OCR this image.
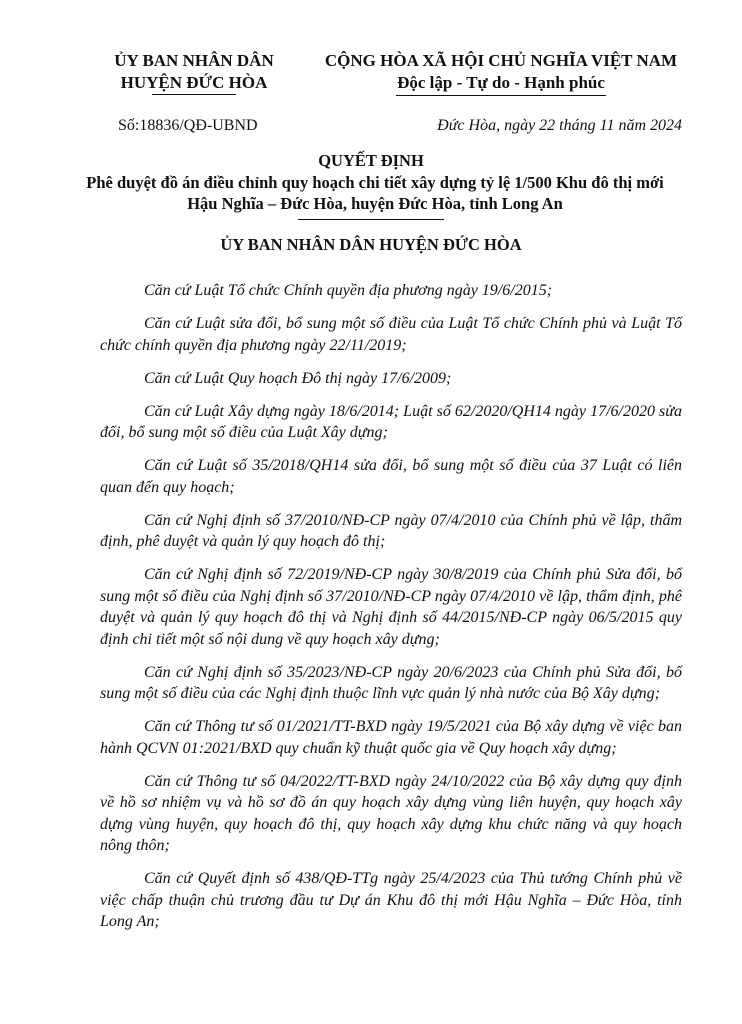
ỦY BAN NHÂN DÂN
HUYỆN ĐỨC HÒA
CỘNG HÒA XÃ HỘI CHỦ NGHĨA VIỆT NAM
Độc lập - Tự do - Hạnh phúc
Số:18836/QĐ-UBND	Đức Hòa, ngày 22 tháng 11 năm 2024
QUYẾT ĐỊNH
Phê duyệt đồ án điều chỉnh quy hoạch chi tiết xây dựng tỷ lệ 1/500 Khu đô thị mới Hậu Nghĩa – Đức Hòa, huyện Đức Hòa, tỉnh Long An
ỦY BAN NHÂN DÂN HUYỆN ĐỨC HÒA

Căn cứ Luật Tổ chức Chính quyền địa phương ngày 19/6/2015;

Căn cứ Luật sửa đổi, bổ sung một số điều của Luật Tổ chức Chính phủ và Luật Tổ chức chính quyền địa phương ngày 22/11/2019;

Căn cứ Luật Quy hoạch Đô thị ngày 17/6/2009;

Căn cứ Luật Xây dựng ngày 18/6/2014; Luật số 62/2020/QH14 ngày 17/6/2020 sửa đổi, bổ sung một số điều của Luật Xây dựng;

Căn cứ Luật số 35/2018/QH14 sửa đổi, bổ sung một số điều của 37 Luật có liên quan đến quy hoạch;

Căn cứ Nghị định số 37/2010/NĐ-CP ngày 07/4/2010 của Chính phủ về lập, thẩm định, phê duyệt và quản lý quy hoạch đô thị;

Căn cứ Nghị định số 72/2019/NĐ-CP ngày 30/8/2019 của Chính phủ Sửa đổi, bổ sung một số điều của Nghị định số 37/2010/NĐ-CP ngày 07/4/2010 về lập, thẩm định, phê duyệt và quản lý quy hoạch đô thị và Nghị định số 44/2015/NĐ-CP ngày 06/5/2015 quy định chi tiết một số nội dung về quy hoạch xây dựng;

Căn cứ Nghị định số 35/2023/NĐ-CP ngày 20/6/2023 của Chính phủ Sửa đổi, bổ sung một số điều của các Nghị định thuộc lĩnh vực quản lý nhà nước của Bộ Xây dựng;

Căn cứ Thông tư số 01/2021/TT-BXD ngày 19/5/2021 của Bộ xây dựng về việc ban hành QCVN 01:2021/BXD quy chuẩn kỹ thuật quốc gia về Quy hoạch xây dựng;

Căn cứ Thông tư số 04/2022/TT-BXD ngày 24/10/2022 của Bộ xây dựng quy định về hồ sơ nhiệm vụ và hồ sơ đồ án quy hoạch xây dựng vùng liên huyện, quy hoạch xây dựng vùng huyện, quy hoạch đô thị, quy hoạch xây dựng khu chức năng và quy hoạch nông thôn;

Căn cứ Quyết định số 438/QĐ-TTg ngày 25/4/2023 của Thủ tướng Chính phủ về việc chấp thuận chủ trương đầu tư Dự án Khu đô thị mới Hậu Nghĩa – Đức Hòa, tỉnh Long An;
